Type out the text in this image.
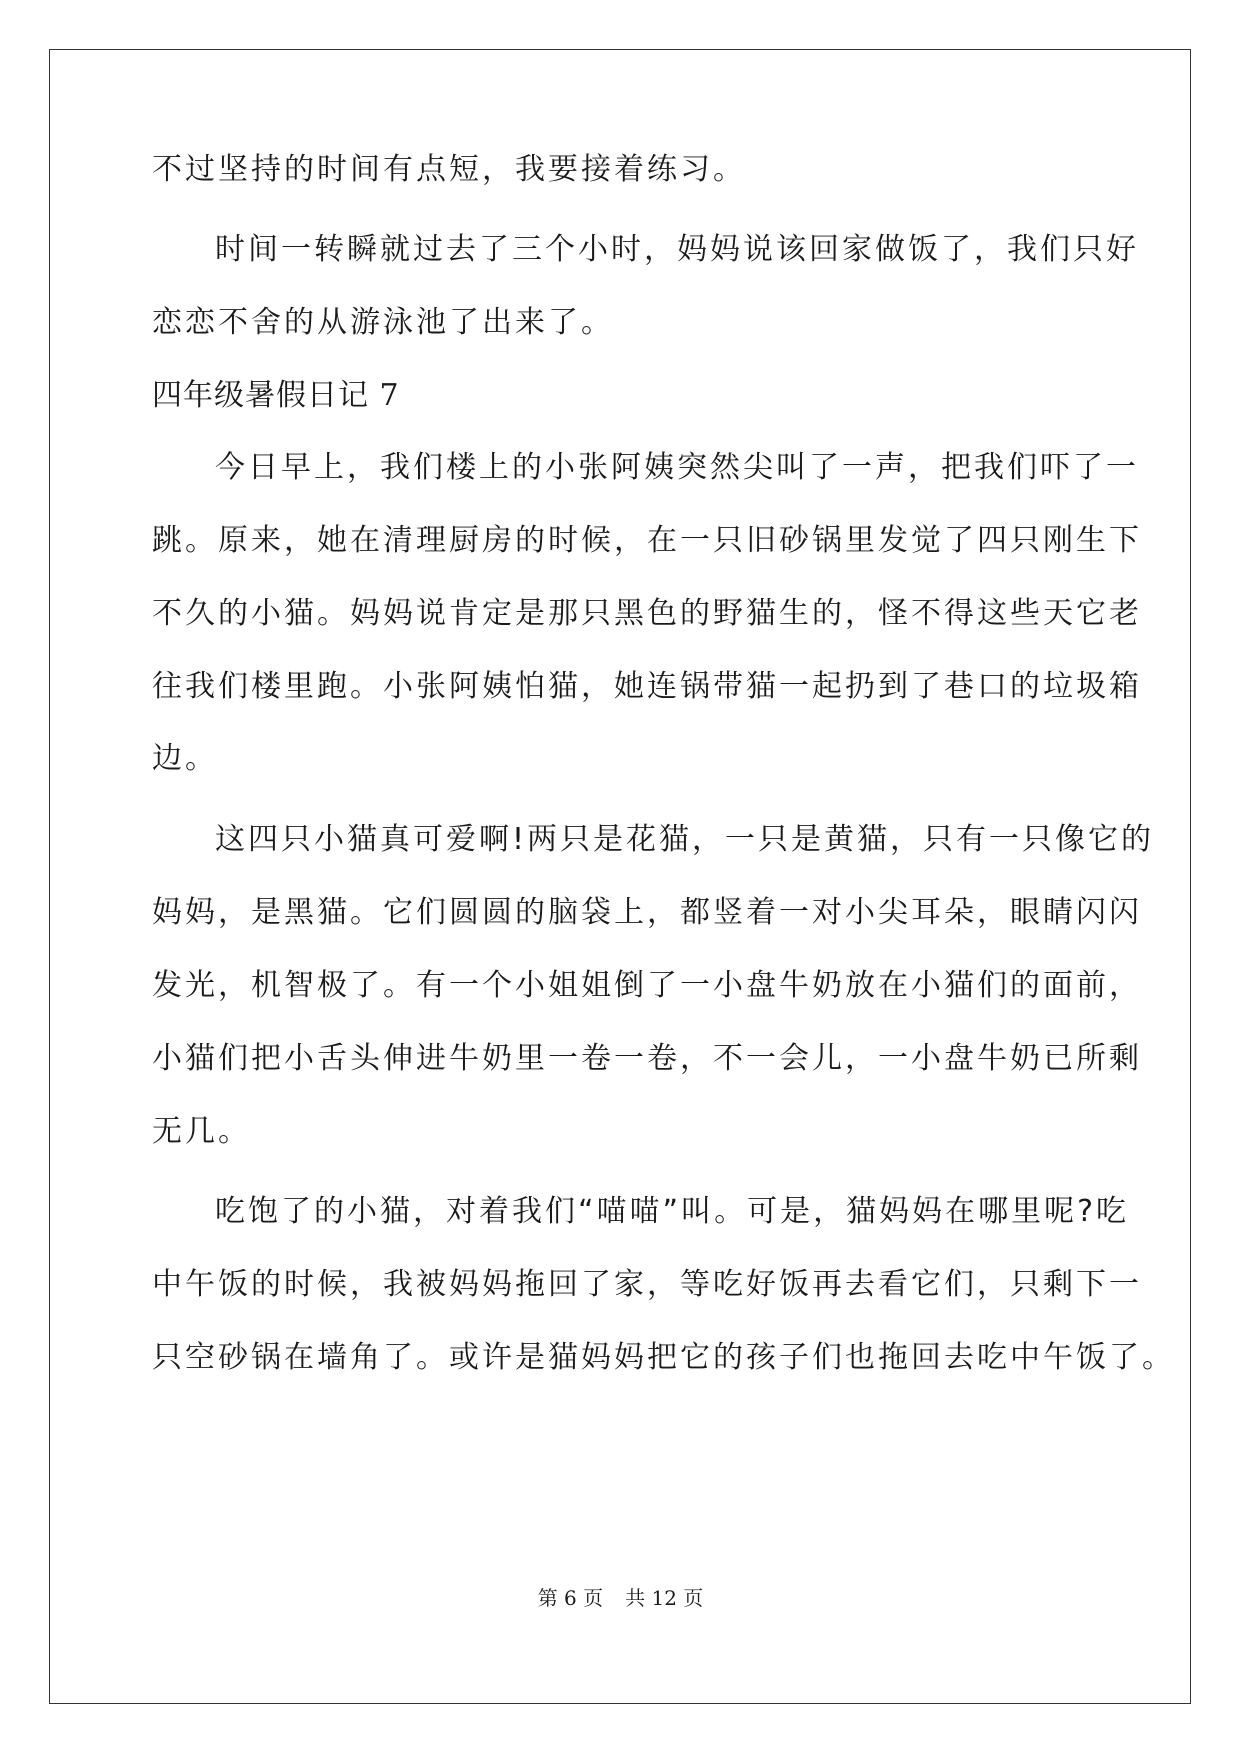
不过坚持的时间有点短，我要接着练习。
时间一转瞬就过去了三个小时，妈妈说该回家做饭了，我们只好
恋恋不舍的从游泳池了出来了。
四年级暑假日记 7
今日早上，我们楼上的小张阿姨突然尖叫了一声，把我们吓了一
跳。原来，她在清理厨房的时候，在一只旧砂锅里发觉了四只刚生下
不久的小猫。妈妈说肯定是那只黑色的野猫生的，怪不得这些天它老
往我们楼里跑。小张阿姨怕猫，她连锅带猫一起扔到了巷口的垃圾箱
边。
这四只小猫真可爱啊!两只是花猫，一只是黄猫，只有一只像它的
妈妈，是黑猫。它们圆圆的脑袋上，都竖着一对小尖耳朵，眼睛闪闪
发光，机智极了。有一个小姐姐倒了一小盘牛奶放在小猫们的面前，
小猫们把小舌头伸进牛奶里一卷一卷，不一会儿，一小盘牛奶已所剩
无几。
吃饱了的小猫，对着我们“喵喵”叫。可是，猫妈妈在哪里呢?吃
中午饭的时候，我被妈妈拖回了家，等吃好饭再去看它们，只剩下一
只空砂锅在墙角了。或许是猫妈妈把它的孩子们也拖回去吃中午饭了。
第 6 页 共 12 页
